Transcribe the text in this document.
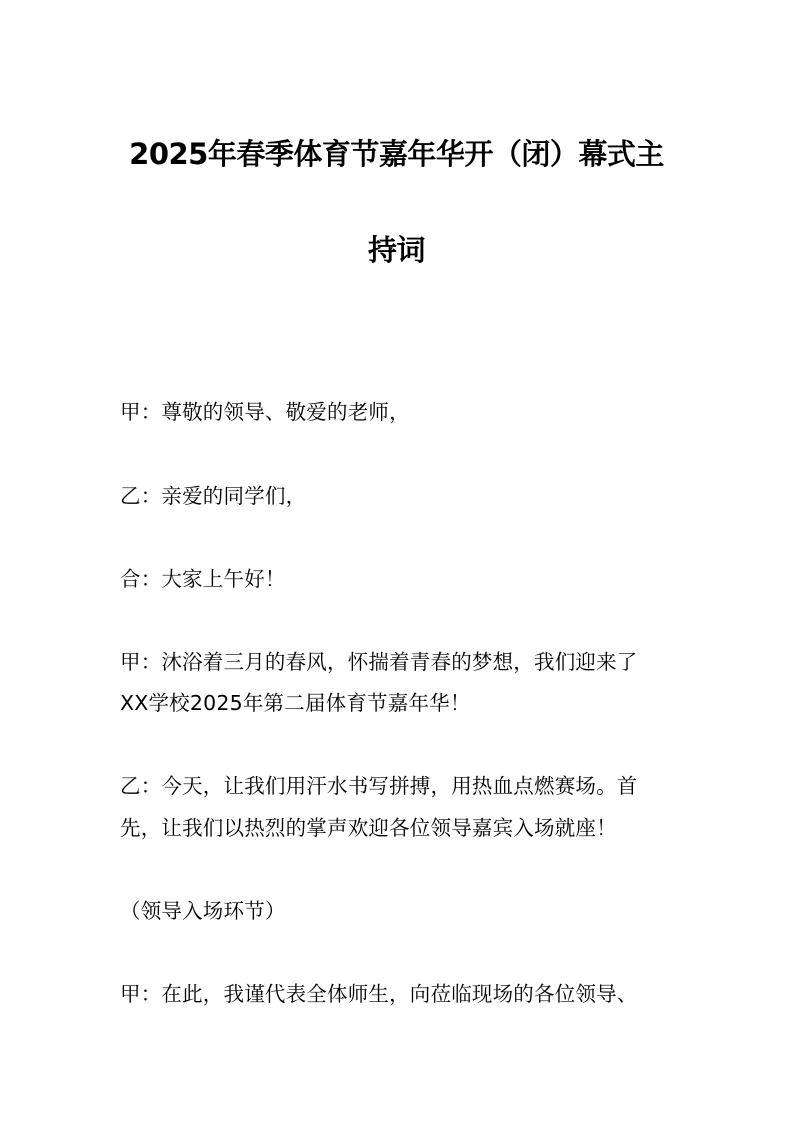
2025年春季体育节嘉年华开（闭）幕式主
持词
甲：尊敬的领导、敬爱的老师，
乙：亲爱的同学们，
合：大家上午好！
甲：沐浴着三月的春风，怀揣着青春的梦想，我们迎来了
XX学校2025年第二届体育节嘉年华！
乙：今天，让我们用汗水书写拼搏，用热血点燃赛场。首
先，让我们以热烈的掌声欢迎各位领导嘉宾入场就座！
（领导入场环节）
甲：在此，我谨代表全体师生，向莅临现场的各位领导、
